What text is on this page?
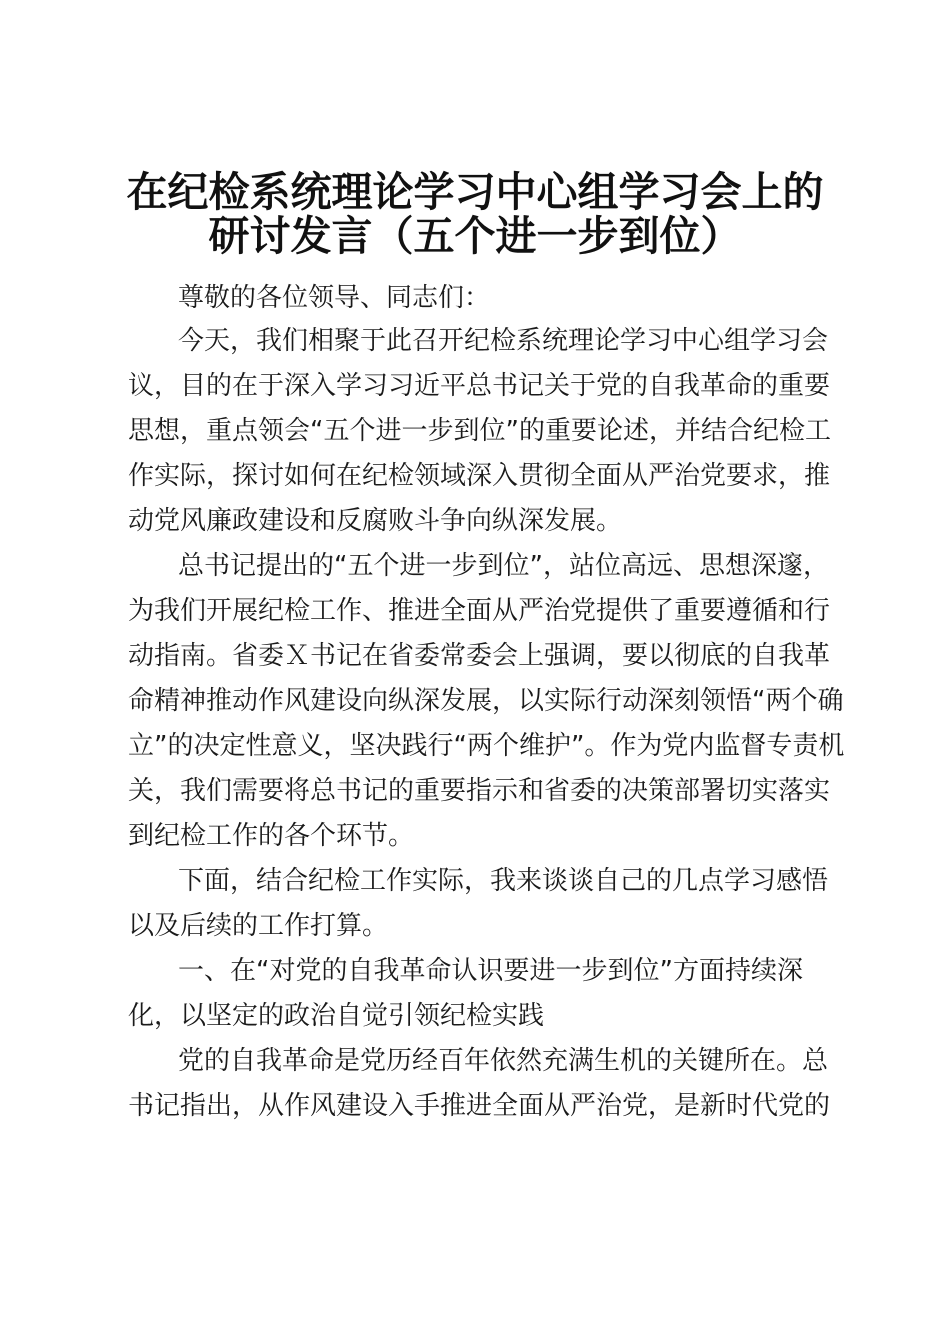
在纪检系统理论学习中心组学习会上的
研讨发言（五个进一步到位）

尊敬的各位领导、同志们：

今天，我们相聚于此召开纪检系统理论学习中心组学习会

议，目的在于深入学习习近平总书记关于党的自我革命的重要

思想，重点领会“五个进一步到位”的重要论述，并结合纪检工

作实际，探讨如何在纪检领域深入贯彻全面从严治党要求，推

动党风廉政建设和反腐败斗争向纵深发展。

总书记提出的“五个进一步到位”，站位高远、思想深邃，

为我们开展纪检工作、推进全面从严治党提供了重要遵循和行

动指南。省委Ｘ书记在省委常委会上强调，要以彻底的自我革

命精神推动作风建设向纵深发展，以实际行动深刻领悟“两个确

立”的决定性意义，坚决践行“两个维护”。作为党内监督专责机

关，我们需要将总书记的重要指示和省委的决策部署切实落实

到纪检工作的各个环节。

下面，结合纪检工作实际，我来谈谈自己的几点学习感悟

以及后续的工作打算。

一、在“对党的自我革命认识要进一步到位”方面持续深

化，以坚定的政治自觉引领纪检实践

党的自我革命是党历经百年依然充满生机的关键所在。总

书记指出，从作风建设入手推进全面从严治党，是新时代党的
